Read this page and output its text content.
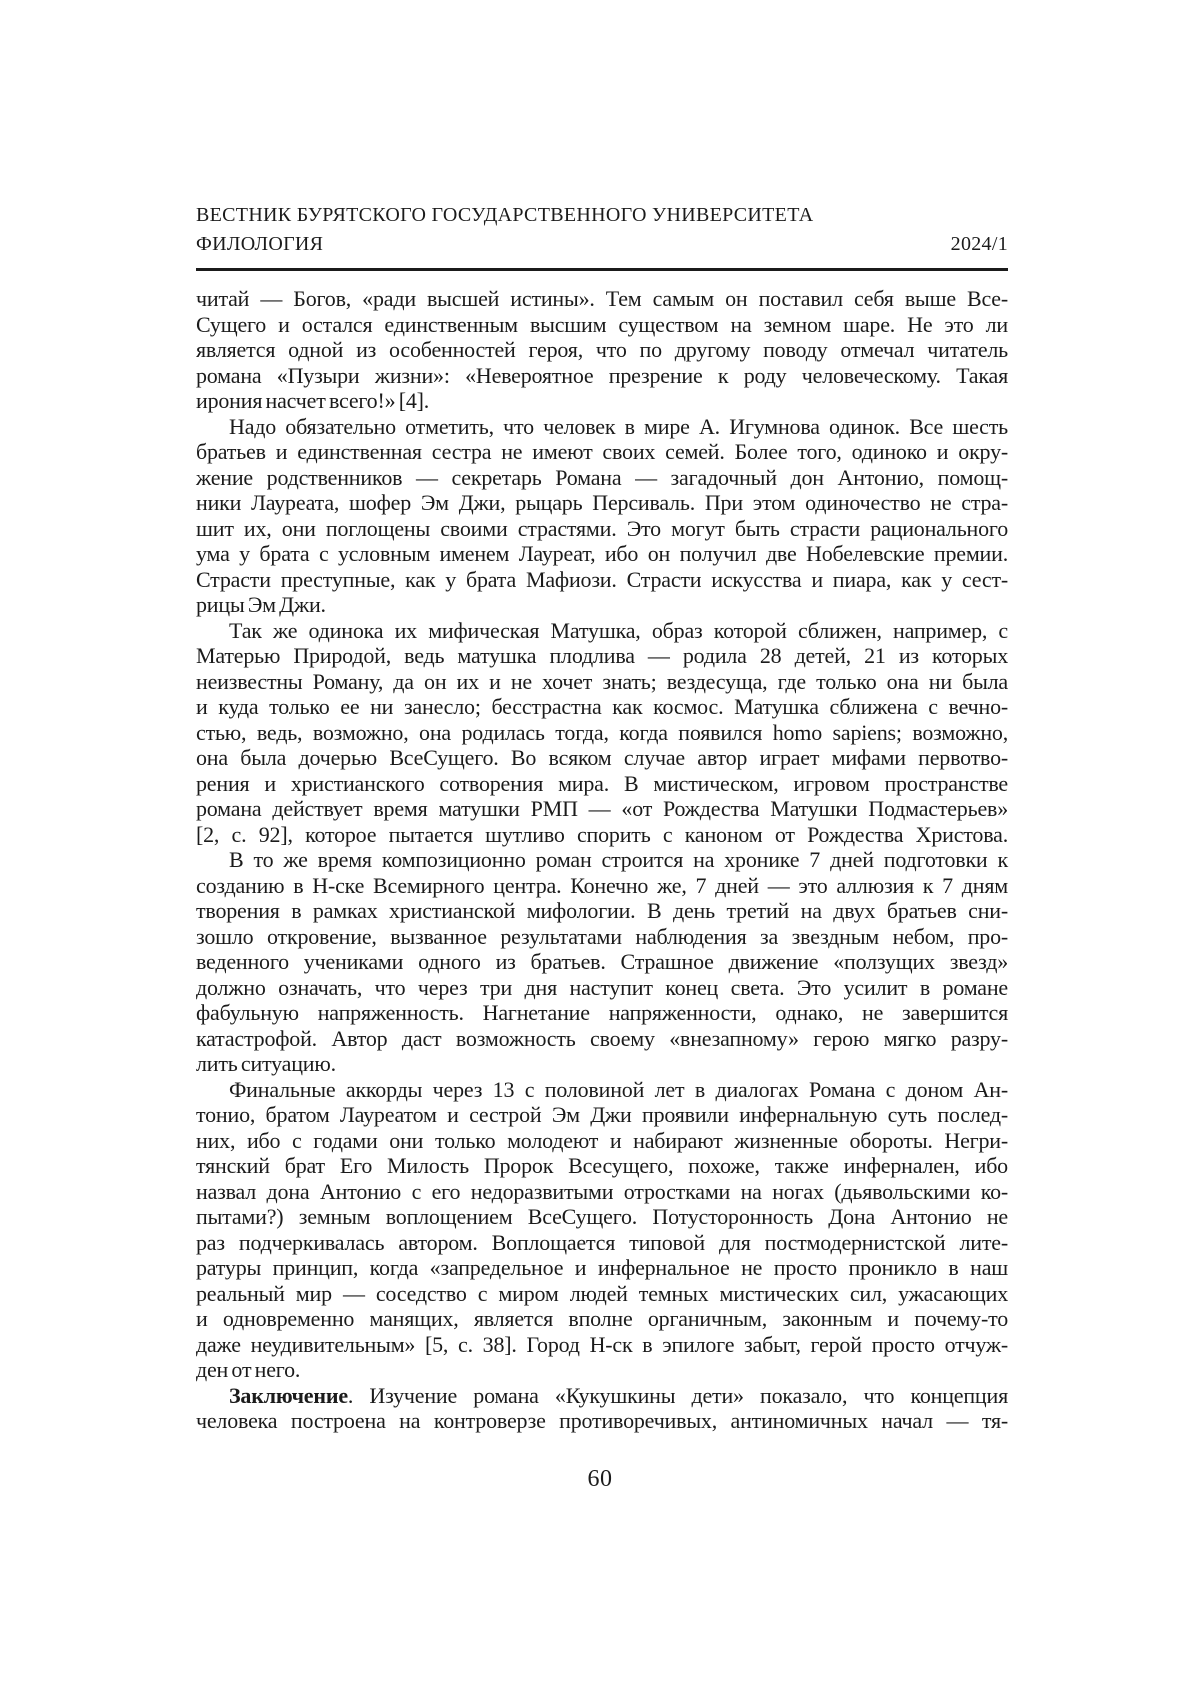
ВЕСТНИК БУРЯТСКОГО ГОСУДАРСТВЕННОГО УНИВЕРСИТЕТА
ФИЛОЛОГИЯ	2024/1
читай — Богов, «ради высшей истины». Тем самым он поставил себя выше Все-
Сущего и остался единственным высшим существом на земном шаре. Не это ли
является одной из особенностей героя, что по другому поводу отмечал читатель
романа «Пузыри жизни»: «Невероятное презрение к роду человеческому. Такая
ирония насчет всего!» [4].
Надо обязательно отметить, что человек в мире А. Игумнова одинок. Все шесть
братьев и единственная сестра не имеют своих семей. Более того, одиноко и окру-
жение родственников — секретарь Романа — загадочный дон Антонио, помощ-
ники Лауреата, шофер Эм Джи, рыцарь Персиваль. При этом одиночество не стра-
шит их, они поглощены своими страстями. Это могут быть страсти рационального
ума у брата с условным именем Лауреат, ибо он получил две Нобелевские премии.
Страсти преступные, как у брата Мафиози. Страсти искусства и пиара, как у сест-
рицы Эм Джи.
Так же одинока их мифическая Матушка, образ которой сближен, например, с
Матерью Природой, ведь матушка плодлива — родила 28 детей, 21 из которых
неизвестны Роману, да он их и не хочет знать; вездесуща, где только она ни была
и куда только ее ни занесло; бесстрастна как космос. Матушка сближена с вечно-
стью, ведь, возможно, она родилась тогда, когда появился homo sapiens; возможно,
она была дочерью ВсеСущего. Во всяком случае автор играет мифами первотво-
рения и христианского сотворения мира. В мистическом, игровом пространстве
романа действует время матушки РМП — «от Рождества Матушки Подмастерьев»
[2, с. 92], которое пытается шутливо спорить с каноном от Рождества Христова.
В то же время композиционно роман строится на хронике 7 дней подготовки к
созданию в Н-ске Всемирного центра. Конечно же, 7 дней — это аллюзия к 7 дням
творения в рамках христианской мифологии. В день третий на двух братьев сни-
зошло откровение, вызванное результатами наблюдения за звездным небом, про-
веденного учениками одного из братьев. Страшное движение «ползущих звезд»
должно означать, что через три дня наступит конец света. Это усилит в романе
фабульную напряженность. Нагнетание напряженности, однако, не завершится
катастрофой. Автор даст возможность своему «внезапному» герою мягко разру-
лить ситуацию.
Финальные аккорды через 13 с половиной лет в диалогах Романа с доном Ан-
тонио, братом Лауреатом и сестрой Эм Джи проявили инфернальную суть послед-
них, ибо с годами они только молодеют и набирают жизненные обороты. Негри-
тянский брат Его Милость Пророк Всесущего, похоже, также инфернален, ибо
назвал дона Антонио с его недоразвитыми отростками на ногах (дьявольскими ко-
пытами?) земным воплощением ВсеСущего. Потусторонность Дона Антонио не
раз подчеркивалась автором. Воплощается типовой для постмодернистской лите-
ратуры принцип, когда «запредельное и инфернальное не просто проникло в наш
реальный мир — соседство с миром людей темных мистических сил, ужасающих
и одновременно манящих, является вполне органичным, законным и почему-то
даже неудивительным» [5, с. 38]. Город Н-ск в эпилоге забыт, герой просто отчуж-
ден от него.
Заключение. Изучение романа «Кукушкины дети» показало, что концепция
человека построена на контроверзе противоречивых, антиномичных начал — тя-
60
